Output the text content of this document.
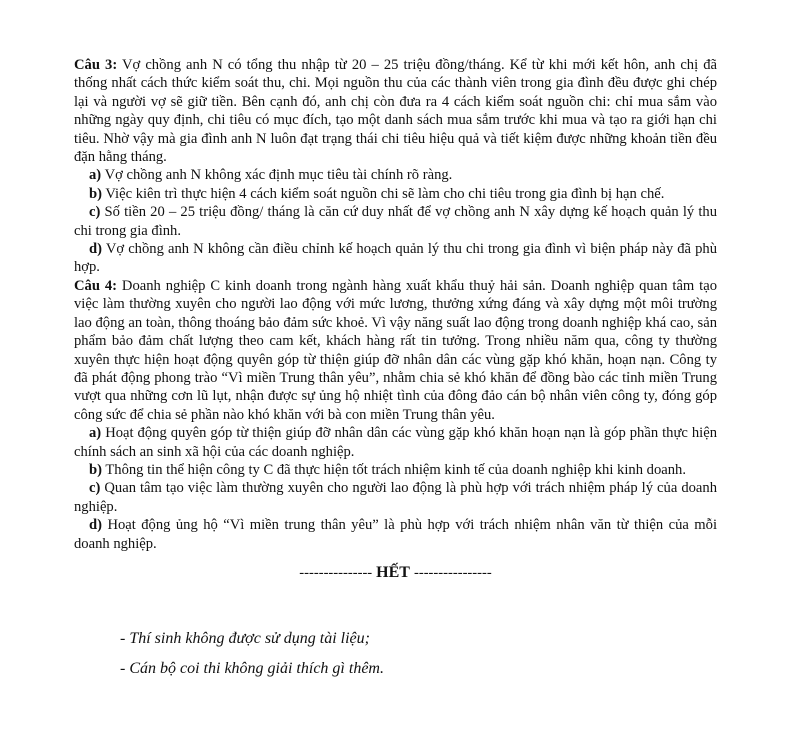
Câu 3: Vợ chồng anh N có tổng thu nhập từ 20 – 25 triệu đồng/tháng. Kể từ khi mới kết hôn, anh chị đã thống nhất cách thức kiểm soát thu, chi. Mọi nguồn thu của các thành viên trong gia đình đều được ghi chép lại và người vợ sẽ giữ tiền. Bên cạnh đó, anh chị còn đưa ra 4 cách kiểm soát nguồn chi: chỉ mua sắm vào những ngày quy định, chi tiêu có mục đích, tạo một danh sách mua sắm trước khi mua và tạo ra giới hạn chi tiêu. Nhờ vậy mà gia đình anh N luôn đạt trạng thái chi tiêu hiệu quả và tiết kiệm được những khoản tiền đều đặn hằng tháng.

a) Vợ chồng anh N không xác định mục tiêu tài chính rõ ràng.

b) Việc kiên trì thực hiện 4 cách kiểm soát nguồn chi sẽ làm cho chi tiêu trong gia đình bị hạn chế.

c) Số tiền 20 – 25 triệu đồng/ tháng là căn cứ duy nhất để vợ chồng anh N xây dựng kế hoạch quản lý thu chi trong gia đình.

d) Vợ chồng anh N không cần điều chỉnh kế hoạch quản lý thu chi trong gia đình vì biện pháp này đã phù hợp.

Câu 4: Doanh nghiệp C kinh doanh trong ngành hàng xuất khẩu thuỷ hải sản. Doanh nghiệp quan tâm tạo việc làm thường xuyên cho người lao động với mức lương, thưởng xứng đáng và xây dựng một môi trường lao động an toàn, thông thoáng bảo đảm sức khoẻ. Vì vậy năng suất lao động trong doanh nghiệp khá cao, sản phẩm bảo đảm chất lượng theo cam kết, khách hàng rất tin tưởng. Trong nhiều năm qua, công ty thường xuyên thực hiện hoạt động quyên góp từ thiện giúp đỡ nhân dân các vùng gặp khó khăn, hoạn nạn. Công ty đã phát động phong trào “Vì miền Trung thân yêu”, nhằm chia sẻ khó khăn để đồng bào các tỉnh miền Trung vượt qua những cơn lũ lụt, nhận được sự ủng hộ nhiệt tình của đông đảo cán bộ nhân viên công ty, đóng góp công sức để chia sẻ phần nào khó khăn với bà con miền Trung thân yêu.

a) Hoạt động quyên góp từ thiện giúp đỡ nhân dân các vùng gặp khó khăn hoạn nạn là góp phần thực hiện chính sách an sinh xã hội của các doanh nghiệp.

b) Thông tin thể hiện công ty C đã thực hiện tốt trách nhiệm kinh tế của doanh nghiệp khi kinh doanh.

c) Quan tâm tạo việc làm thường xuyên cho người lao động là phù hợp với trách nhiệm pháp lý của doanh nghiệp.

d) Hoạt động ủng hộ “Vì miền trung thân yêu” là phù hợp với trách nhiệm nhân văn từ thiện của mỗi doanh nghiệp.

--------------- HẾT ----------------
- Thí sinh không được sử dụng tài liệu;
- Cán bộ coi thi không giải thích gì thêm.
